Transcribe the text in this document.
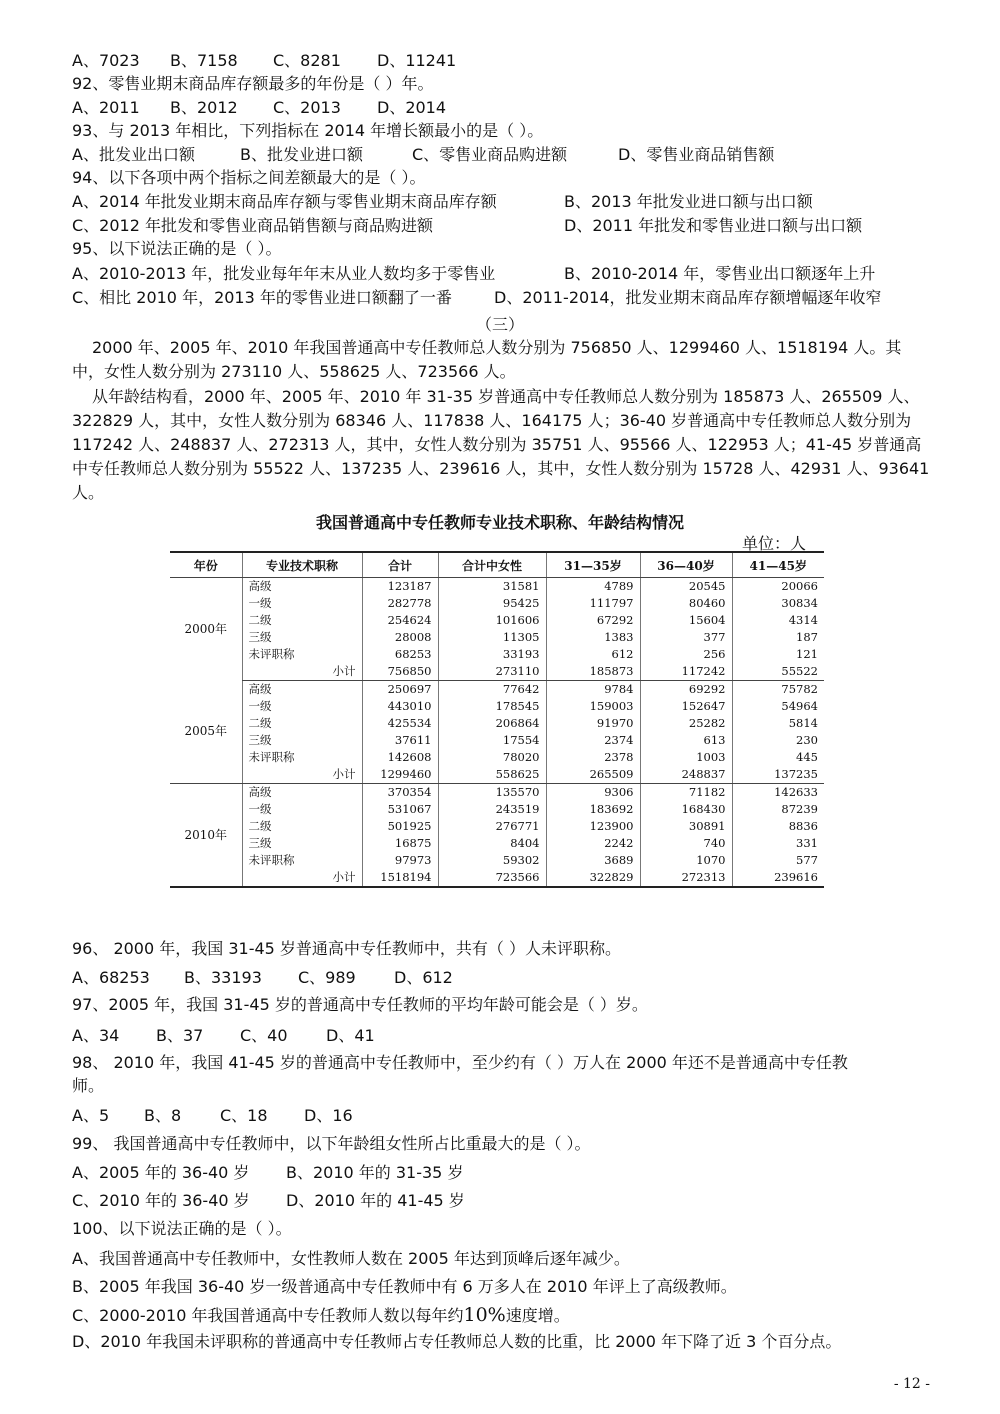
A、7023 B、7158 C、8281 D、11241
92、零售业期末商品库存额最多的年份是（ ）年。
A、2011 B、2012 C、2013 D、2014
93、与 2013 年相比，下列指标在 2014 年增长额最小的是（ ）。
A、批发业出口额	B、批发业进口额	C、零售业商品购进额	D、零售业商品销售额
94、以下各项中两个指标之间差额最大的是（ ）。
A、2014 年批发业期末商品库存额与零售业期末商品库存额	B、2013 年批发业进口额与出口额
C、2012 年批发和零售业商品销售额与商品购进额	D、2011 年批发和零售业进口额与出口额
95、以下说法正确的是（ ）。
A、2010-2013 年，批发业每年年末从业人数均多于零售业	B、2010-2014 年，零售业出口额逐年上升
C、相比 2010 年，2013 年的零售业进口额翻了一番	D、2011-2014，批发业期末商品库存额增幅逐年收窄
（三）
2000 年、2005 年、2010 年我国普通高中专任教师总人数分别为 756850 人、1299460 人、1518194 人。其中，女性人数分别为 273110 人、558625 人、723566 人。
从年龄结构看，2000 年、2005 年、2010 年 31-35 岁普通高中专任教师总人数分别为 185873 人、265509 人、322829 人，其中，女性人数分别为 68346 人、117838 人、164175 人；36-40 岁普通高中专任教师总人数分别为 117242 人、248837 人、272313 人，其中，女性人数分别为 35751 人、95566 人、122953 人；41-45 岁普通高中专任教师总人数分别为 55522 人、137235 人、239616 人，其中，女性人数分别为 15728 人、42931 人、93641 人。
我国普通高中专任教师专业技术职称、年龄结构情况
单位：人
年份	专业技术职称	合计	合计中女性	31—35岁	36—40岁	41—45岁
2000年	高级	123187	31581	4789	20545	20066
	一级	282778	95425	111797	80460	30834
	二级	254624	101606	67292	15604	4314
	三级	28008	11305	1383	377	187
	未评职称	68253	33193	612	256	121
	小计	756850	273110	185873	117242	55522
2005年	高级	250697	77642	9784	69292	75782
	一级	443010	178545	159003	152647	54964
	二级	425534	206864	91970	25282	5814
	三级	37611	17554	2374	613	230
	未评职称	142608	78020	2378	1003	445
	小计	1299460	558625	265509	248837	137235
2010年	高级	370354	135570	9306	71182	142633
	一级	531067	243519	183692	168430	87239
	二级	501925	276771	123900	30891	8836
	三级	16875	8404	2242	740	331
	未评职称	97973	59302	3689	1070	577
	小计	1518194	723566	322829	272313	239616
96、 2000 年，我国 31-45 岁普通高中专任教师中，共有（ ）人未评职称。
A、68253 B、33193 C、989 D、612
97、2005 年，我国 31-45 岁的普通高中专任教师的平均年龄可能会是（ ）岁。
A、34 B、37 C、40 D、41
98、 2010 年，我国 41-45 岁的普通高中专任教师中，至少约有（ ）万人在 2000 年还不是普通高中专任教
师。
A、5 B、8 C、18 D、16
99、 我国普通高中专任教师中，以下年龄组女性所占比重最大的是（ ）。
A、2005 年的 36-40 岁 B、2010 年的 31-35 岁
C、2010 年的 36-40 岁 D、2010 年的 41-45 岁
100、以下说法正确的是（ ）。
A、我国普通高中专任教师中，女性教师人数在 2005 年达到顶峰后逐年减少。
B、2005 年我国 36-40 岁一级普通高中专任教师中有 6 万多人在 2010 年评上了高级教师。
C、2000-2010 年我国普通高中专任教师人数以每年约10%速度增。
D、2010 年我国未评职称的普通高中专任教师占专任教师总人数的比重，比 2000 年下降了近 3 个百分点。
- 12 -
